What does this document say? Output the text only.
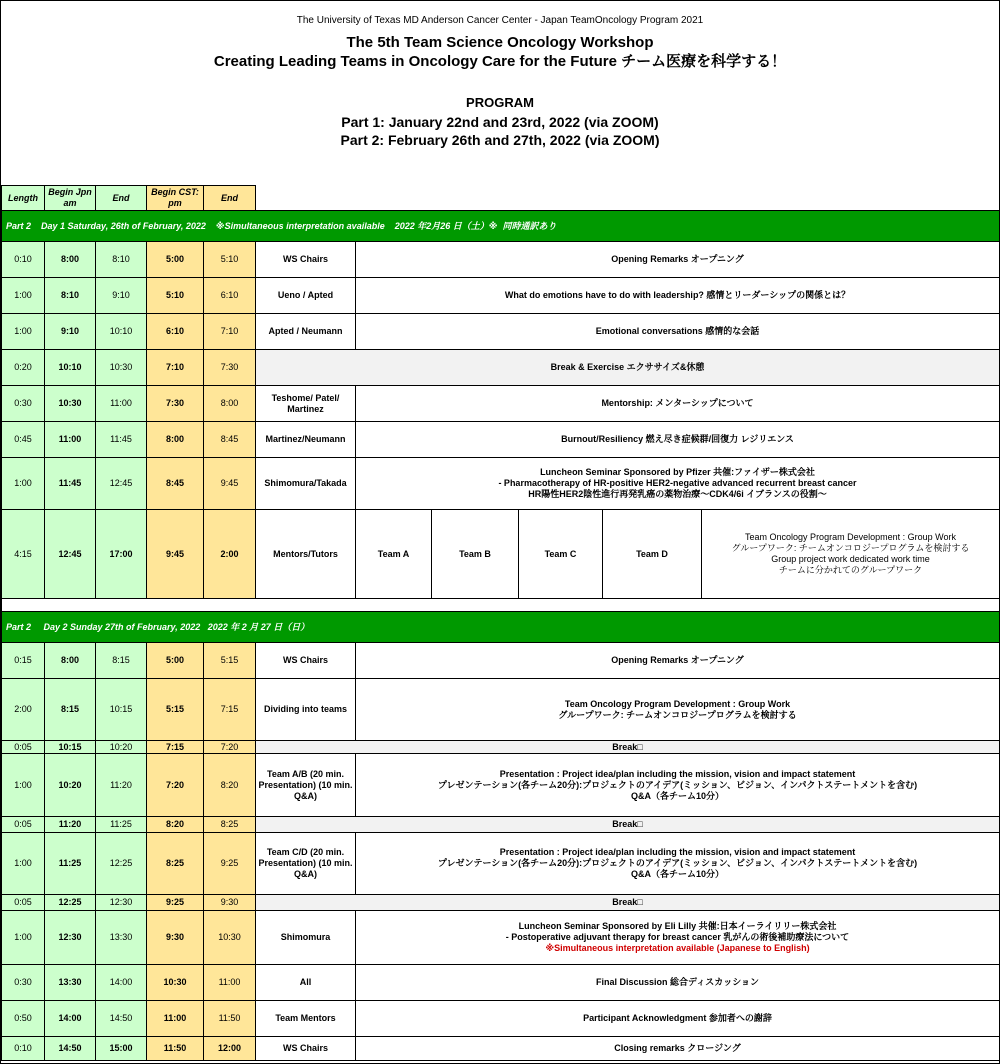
The University of Texas MD Anderson Cancer Center - Japan TeamOncology Program 2021
The 5th Team Science Oncology Workshop
Creating Leading Teams in Oncology Care for the Future チーム医療を科学する！
PROGRAM
Part 1: January 22nd and 23rd, 2022 (via ZOOM)
Part 2: February 26th and 27th, 2022 (via ZOOM)
Length	Begin Jpn am	End	Begin CST: pm	End						
Part 2    Day 1 Saturday, 26th of February, 2022    ※Simultaneous interpretation available    2022 年2月26 日（土）※  同時通訳あり										
0:10	8:00	8:10	5:00	5:10	WS Chairs	Opening Remarks オープニング				

1:00	8:10	9:10	5:10	6:10	Ueno / Apted	What do emotions have to do with leadership? 感情とリーダーシップの関係とは？				

1:00	9:10	10:10	6:10	7:10	Apted / Neumann	Emotional conversations 感情的な会話				

0:20	10:10	10:30	7:10	7:30	Break & Exercise エクササイズ&休憩					
0:30	10:30	11:00	7:30	8:00	Teshome/ Patel/ Martinez	Mentorship: メンターシップについて				

0:45	11:00	11:45	8:00	8:45	Martinez/Neumann	Burnout/Resiliency 燃え尽き症候群/回復力 レジリエンス				

1:00	11:45	12:45	8:45	9:45	Shimomura/Takada	Luncheon Seminar Sponsored by Pfizer 共催:ファイザー株式会社
- Pharmacotherapy of HR-positive HER2-negative advanced recurrent breast cancer
HR陽性HER2陰性進行再発乳癌の薬物治療～CDK4/6i イブランスの役割～				

4:15	12:45	17:00	9:45	2:00	Mentors/Tutors	Team A	Team B	Team C	Team D	Team Oncology Program Development : Group Work
グループワーク: チームオンコロジープログラムを検討する
Group project work dedicated work time
チームに分かれてのグループワーク

Part 2     Day 2 Sunday 27th of February, 2022   2022 年 2 月 27 日（日）										
0:15	8:00	8:15	5:00	5:15	WS Chairs	Opening Remarks オープニング				

2:00	8:15	10:15	5:15	7:15	Dividing into teams	Team Oncology Program Development : Group Work
グループワーク: チームオンコロジープログラムを検討する				

0:05	10:15	10:20	7:15	7:20	Break□					
1:00	10:20	11:20	7:20	8:20	Team A/B (20 min. Presentation) (10 min. Q&A)	Presentation : Project idea/plan including the mission, vision and impact statement
プレゼンテーション(各チーム20分):プロジェクトのアイデア(ミッション、ビジョン、インパクトステートメントを含む)
Q&A（各チーム10分）				

0:05	11:20	11:25	8:20	8:25	Break□					
1:00	11:25	12:25	8:25	9:25	Team C/D (20 min. Presentation) (10 min. Q&A)	Presentation : Project idea/plan including the mission, vision and impact statement
プレゼンテーション(各チーム20分):プロジェクトのアイデア(ミッション、ビジョン、インパクトステートメントを含む)
Q&A（各チーム10分）				

0:05	12:25	12:30	9:25	9:30	Break□					
1:00	12:30	13:30	9:30	10:30	Shimomura	Luncheon Seminar Sponsored by Eli Lilly 共催:日本イーライリリー株式会社
- Postoperative adjuvant therapy for breast cancer 乳がんの術後補助療法について
※Simultaneous interpretation available (Japanese to English)				

0:30	13:30	14:00	10:30	11:00	All	Final Discussion 総合ディスカッション				

0:50	14:00	14:50	11:00	11:50	Team Mentors	Participant Acknowledgment 参加者への謝辞				

0:10	14:50	15:00	11:50	12:00	WS Chairs	Closing remarks クロージング				
